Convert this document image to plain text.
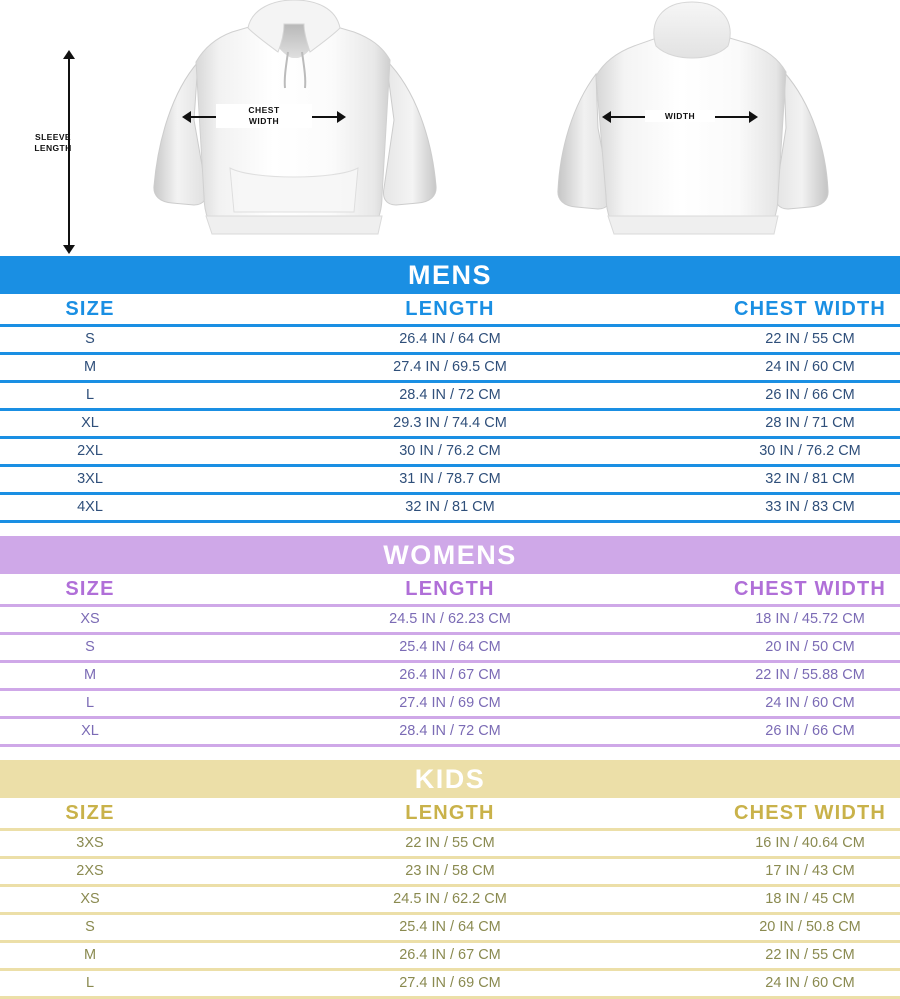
SLEEVE
LENGTH
CHEST
WIDTH	WIDTH
MENS				
SIZE		LENGTH		CHEST WIDTH

S		26.4 IN / 64 CM		22 IN / 55 CM

M		27.4 IN / 69.5 CM		24 IN / 60 CM

L		28.4 IN / 72 CM		26 IN / 66 CM

XL		29.3 IN / 74.4 CM		28 IN / 71 CM

2XL		30 IN / 76.2 CM		30 IN / 76.2 CM

3XL		31 IN / 78.7 CM		32 IN / 81 CM

4XL		32 IN / 81 CM		33 IN / 83 CM

WOMENS				
SIZE		LENGTH		CHEST WIDTH

XS		24.5 IN / 62.23 CM		18 IN / 45.72 CM

S		25.4 IN / 64 CM		20 IN / 50 CM

M		26.4 IN / 67 CM		22 IN / 55.88 CM

L		27.4 IN / 69 CM		24 IN / 60 CM

XL		28.4 IN / 72 CM		26 IN / 66 CM

KIDS				
SIZE		LENGTH		CHEST WIDTH

3XS		22 IN / 55 CM		16 IN / 40.64 CM

2XS		23 IN / 58 CM		17 IN / 43 CM

XS		24.5 IN / 62.2 CM		18 IN / 45 CM

S		25.4 IN / 64 CM		20 IN / 50.8 CM

M		26.4 IN / 67 CM		22 IN / 55 CM

L		27.4 IN / 69 CM		24 IN / 60 CM
